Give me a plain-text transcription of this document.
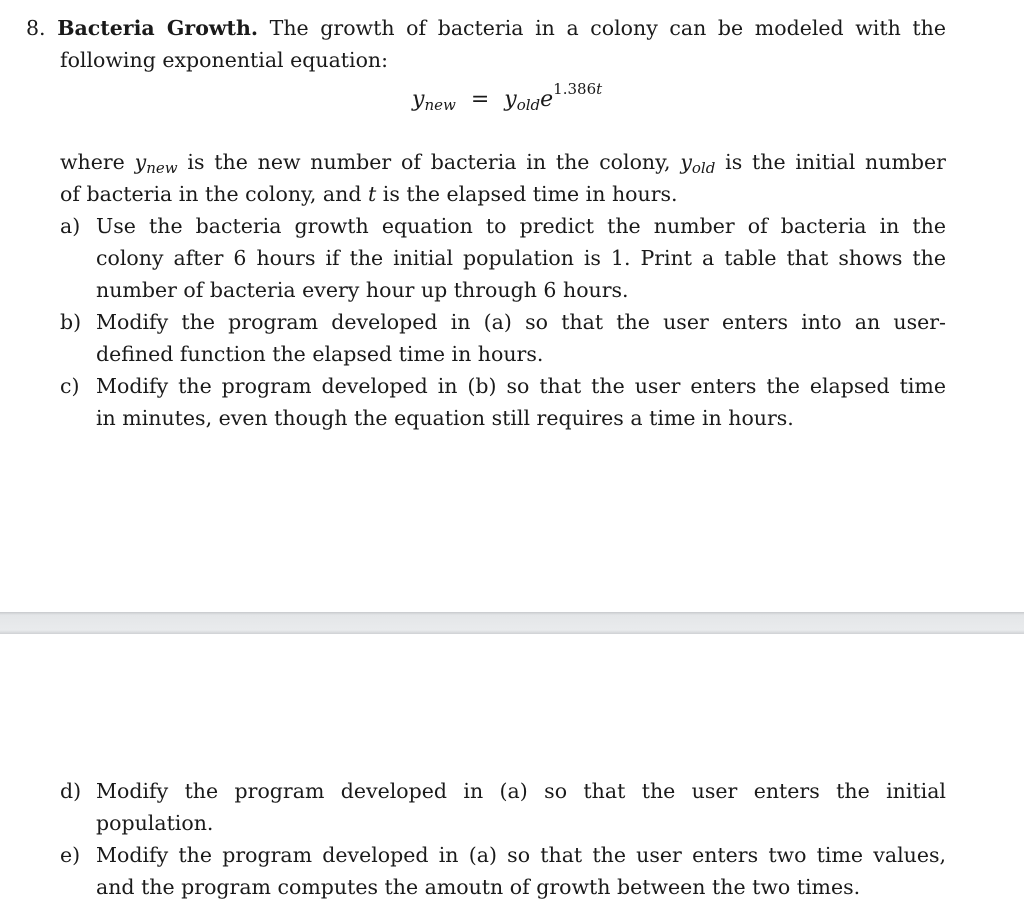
8. Bacteria Growth. The growth of bacteria in a colony can be modeled with the
following exponential equation:
ynew = yolde$^{1.386t}$
where ynew is the new number of bacteria in the colony, yold is the initial number
of bacteria in the colony, and t is the elapsed time in hours.
a) Use the bacteria growth equation to predict the number of bacteria in the
colony after 6 hours if the initial population is 1. Print a table that shows the
number of bacteria every hour up through 6 hours.
b) Modify the program developed in (a) so that the user enters into an user-
defined function the elapsed time in hours.
c) Modify the program developed in (b) so that the user enters the elapsed time
in minutes, even though the equation still requires a time in hours.
d) Modify the program developed in (a) so that the user enters the initial
population.
e) Modify the program developed in (a) so that the user enters two time values,
and the program computes the amoutn of growth between the two times.
